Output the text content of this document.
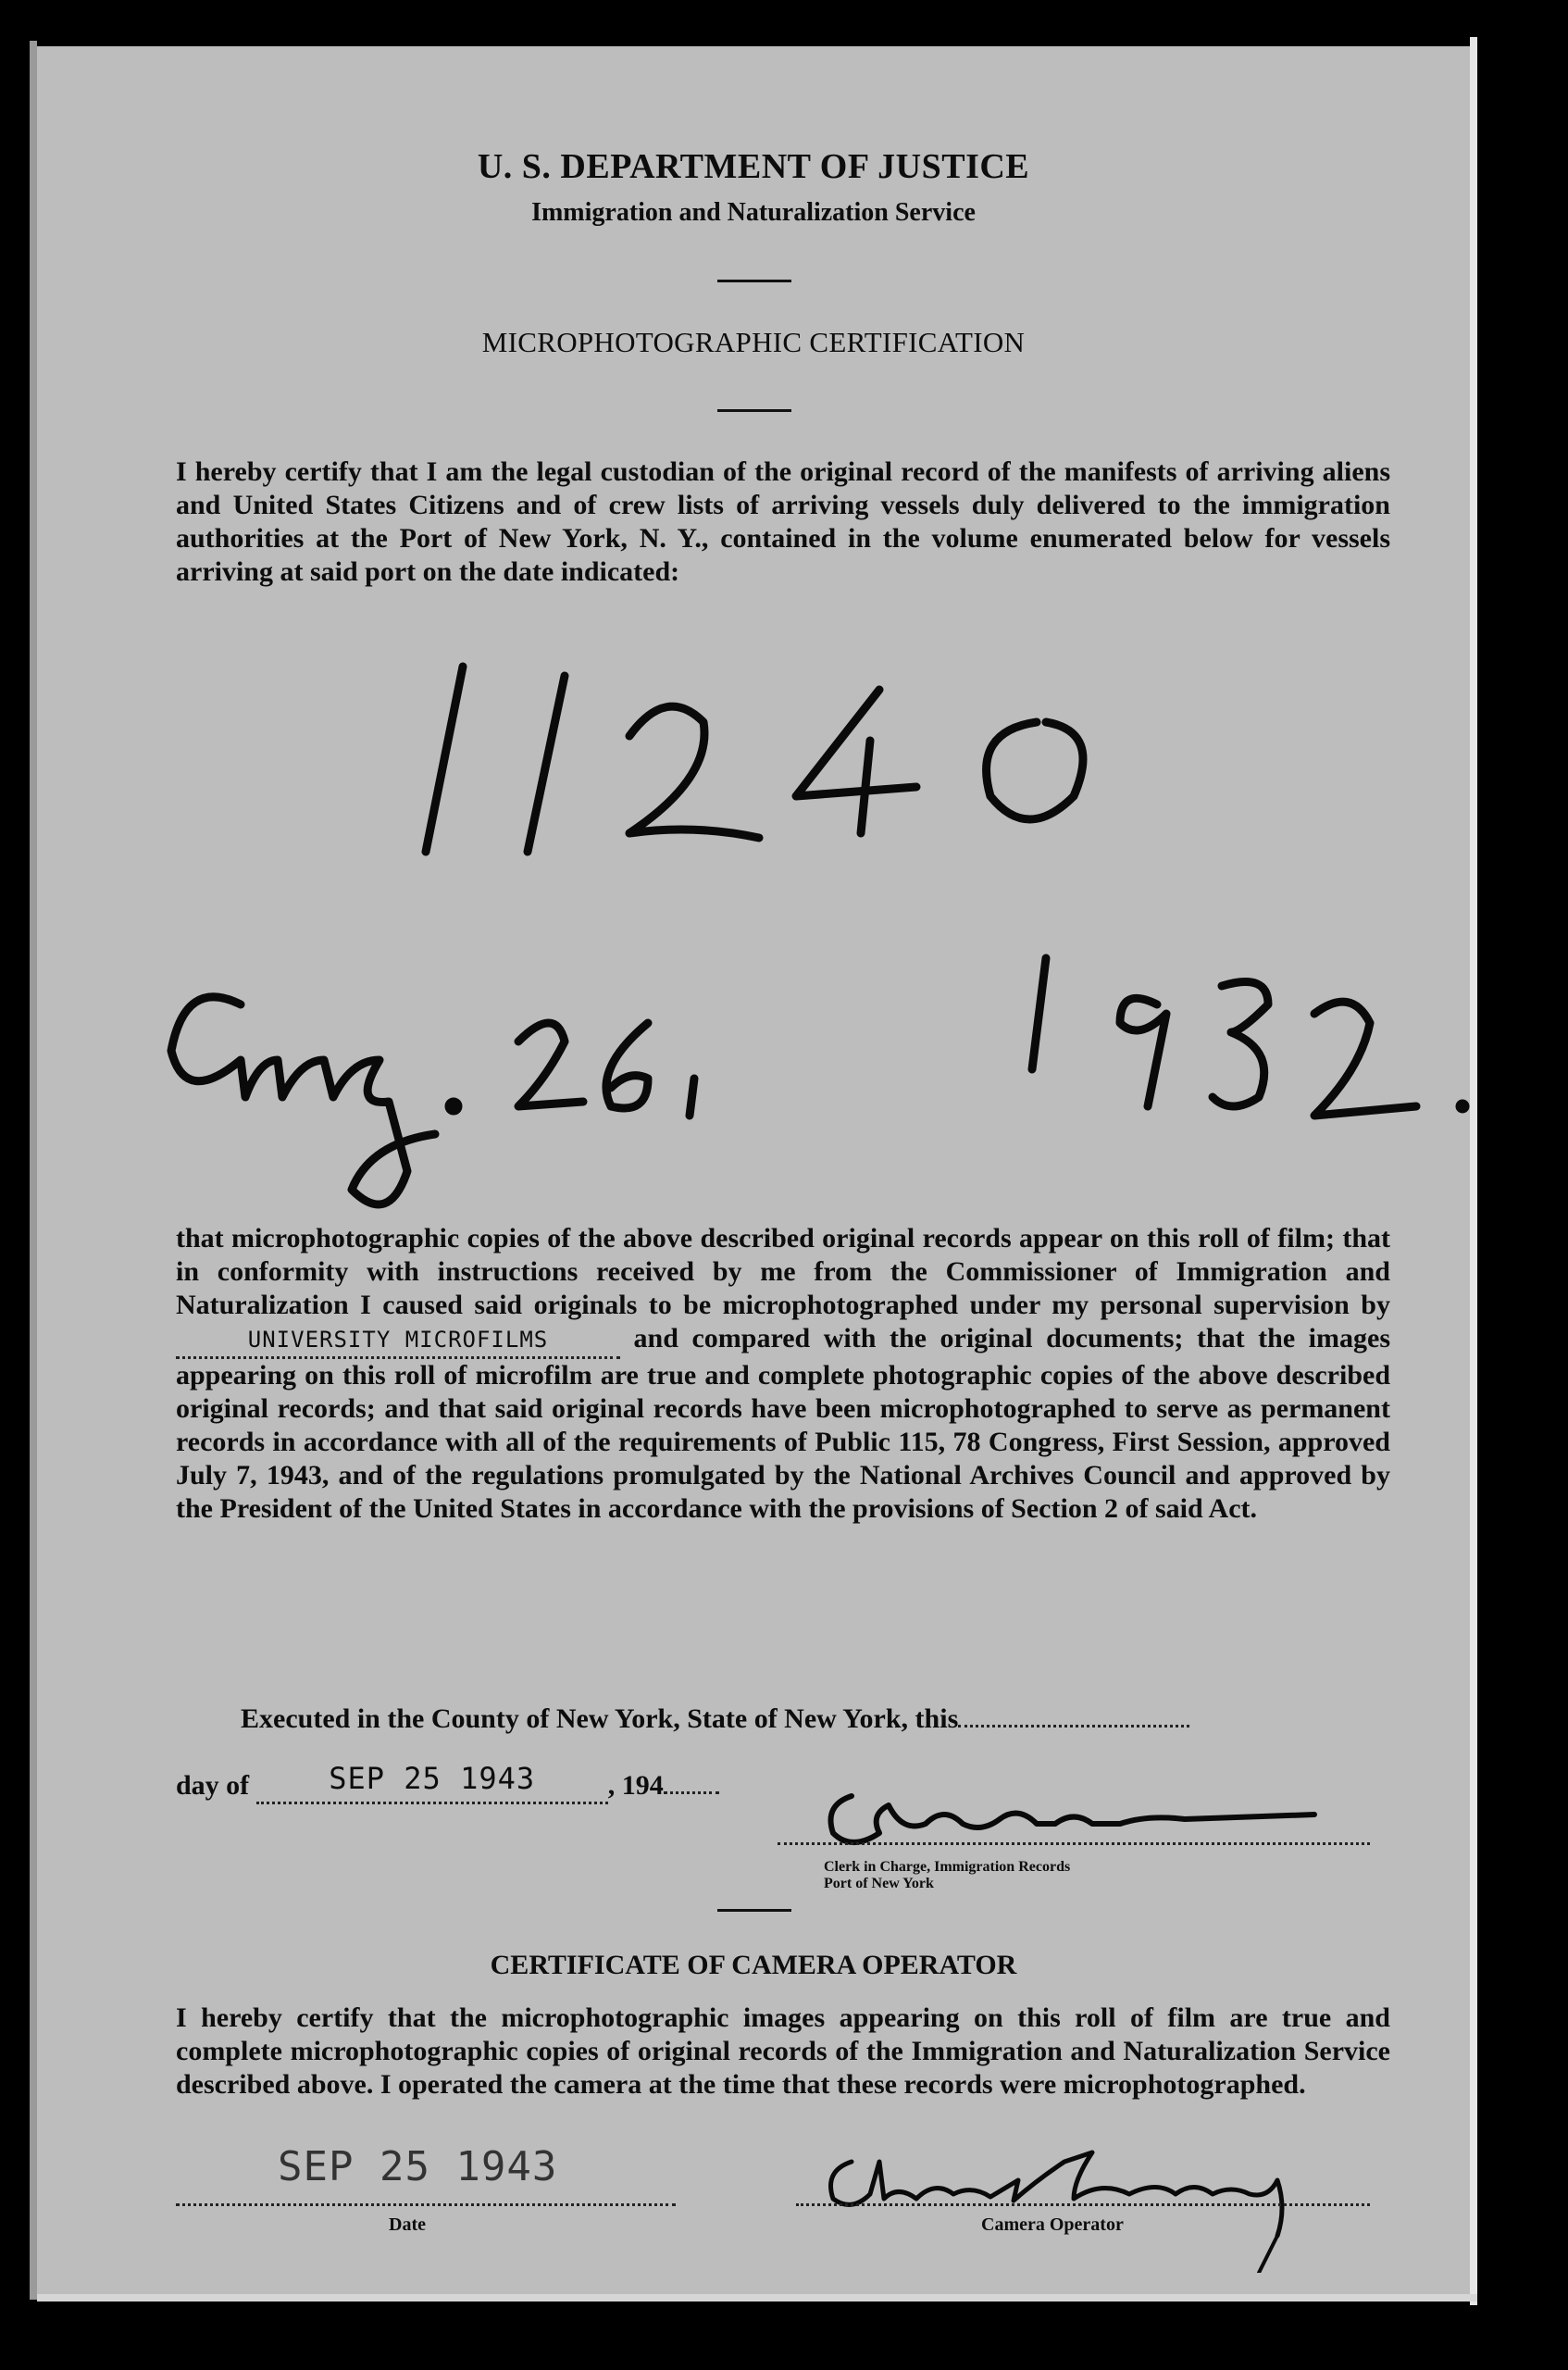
U. S. DEPARTMENT OF JUSTICE
Immigration and Naturalization Service
MICROPHOTOGRAPHIC CERTIFICATION
I hereby certify that I am the legal custodian of the original record of the manifests of arriving aliens and United States Citizens and of crew lists of arriving vessels duly delivered to the immigration authorities at the Port of New York, N. Y., contained in the volume enumerated below for vessels arriving at said port on the date indicated:
that microphotographic copies of the above described original records appear on this roll of film; that in conformity with instructions received by me from the Commissioner of Immigration and Naturalization I caused said originals to be microphotographed under my personal supervision by UNIVERSITY MICROFILMS	and compared with the original documents; that the images appearing on this roll of microfilm are true and complete photographic copies of the above described original records; and that said original records have been microphotographed to serve as permanent records in accordance with all of the requirements of Public 115, 78 Congress, First Session, approved July 7, 1943, and of the regulations promulgated by the National Archives Council and approved by the President of the United States in accordance with the provisions of Section 2 of said Act.
Executed in the County of New York, State of New York, this
day of	SEP 25 1943	, 194
Clerk in Charge, Immigration Records
Port of New York
CERTIFICATE OF CAMERA OPERATOR
I hereby certify that the microphotographic images appearing on this roll of film are true and complete microphotographic copies of original records of the Immigration and Naturalization Service described above. I operated the camera at the time that these records were microphotographed.
SEP 25 1943
Date	Camera Operator
